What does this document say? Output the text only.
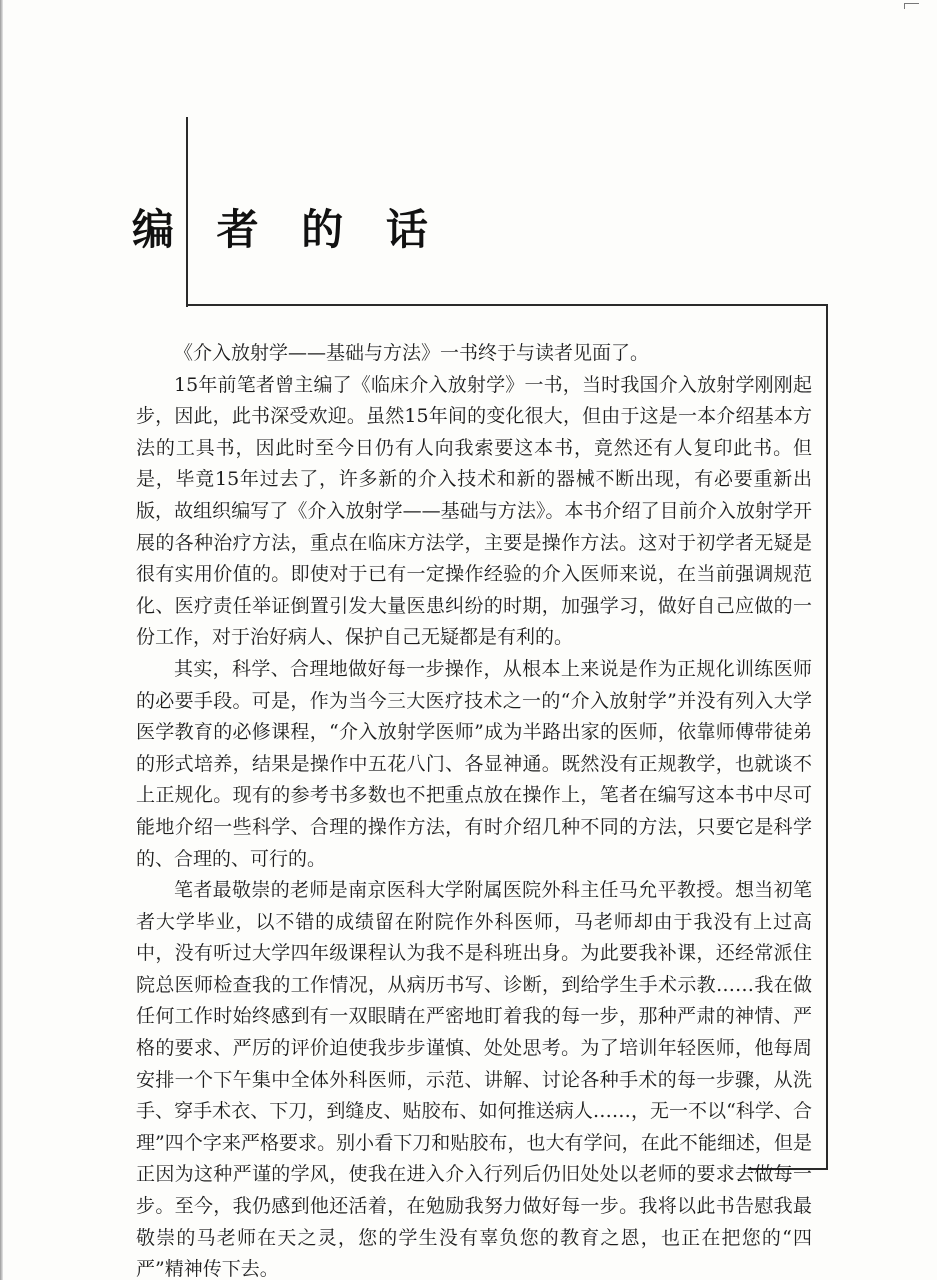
编 者 的 话

《介入放射学——基础与方法》一书终于与读者见面了。

15年前笔者曾主编了《临床介入放射学》一书，当时我国介入放射学刚刚起步，因此，此书深受欢迎。虽然15年间的变化很大，但由于这是一本介绍基本方法的工具书，因此时至今日仍有人向我索要这本书，竟然还有人复印此书。但是，毕竟15年过去了，许多新的介入技术和新的器械不断出现，有必要重新出版，故组织编写了《介入放射学——基础与方法》。本书介绍了目前介入放射学开展的各种治疗方法，重点在临床方法学，主要是操作方法。这对于初学者无疑是很有实用价值的。即使对于已有一定操作经验的介入医师来说，在当前强调规范化、医疗责任举证倒置引发大量医患纠纷的时期，加强学习，做好自己应做的一份工作，对于治好病人、保护自己无疑都是有利的。

其实，科学、合理地做好每一步操作，从根本上来说是作为正规化训练医师的必要手段。可是，作为当今三大医疗技术之一的“介入放射学”并没有列入大学医学教育的必修课程，“介入放射学医师”成为半路出家的医师，依靠师傅带徒弟的形式培养，结果是操作中五花八门、各显神通。既然没有正规教学，也就谈不上正规化。现有的参考书多数也不把重点放在操作上，笔者在编写这本书中尽可能地介绍一些科学、合理的操作方法，有时介绍几种不同的方法，只要它是科学的、合理的、可行的。

笔者最敬崇的老师是南京医科大学附属医院外科主任马允平教授。想当初笔者大学毕业，以不错的成绩留在附院作外科医师，马老师却由于我没有上过高中，没有听过大学四年级课程认为我不是科班出身。为此要我补课，还经常派住院总医师检查我的工作情况，从病历书写、诊断，到给学生手术示教……我在做任何工作时始终感到有一双眼睛在严密地盯着我的每一步，那种严肃的神情、严格的要求、严厉的评价迫使我步步谨慎、处处思考。为了培训年轻医师，他每周安排一个下午集中全体外科医师，示范、讲解、讨论各种手术的每一步骤，从洗手、穿手术衣、下刀，到缝皮、贴胶布、如何推送病人……，无一不以“科学、合理”四个字来严格要求。别小看下刀和贴胶布，也大有学问，在此不能细述，但是正因为这种严谨的学风，使我在进入介入行列后仍旧处处以老师的要求去做每一步。至今，我仍感到他还活着，在勉励我努力做好每一步。我将以此书告慰我最敬崇的马老师在天之灵，您的学生没有辜负您的教育之恩，也正在把您的“四严”精神传下去。
